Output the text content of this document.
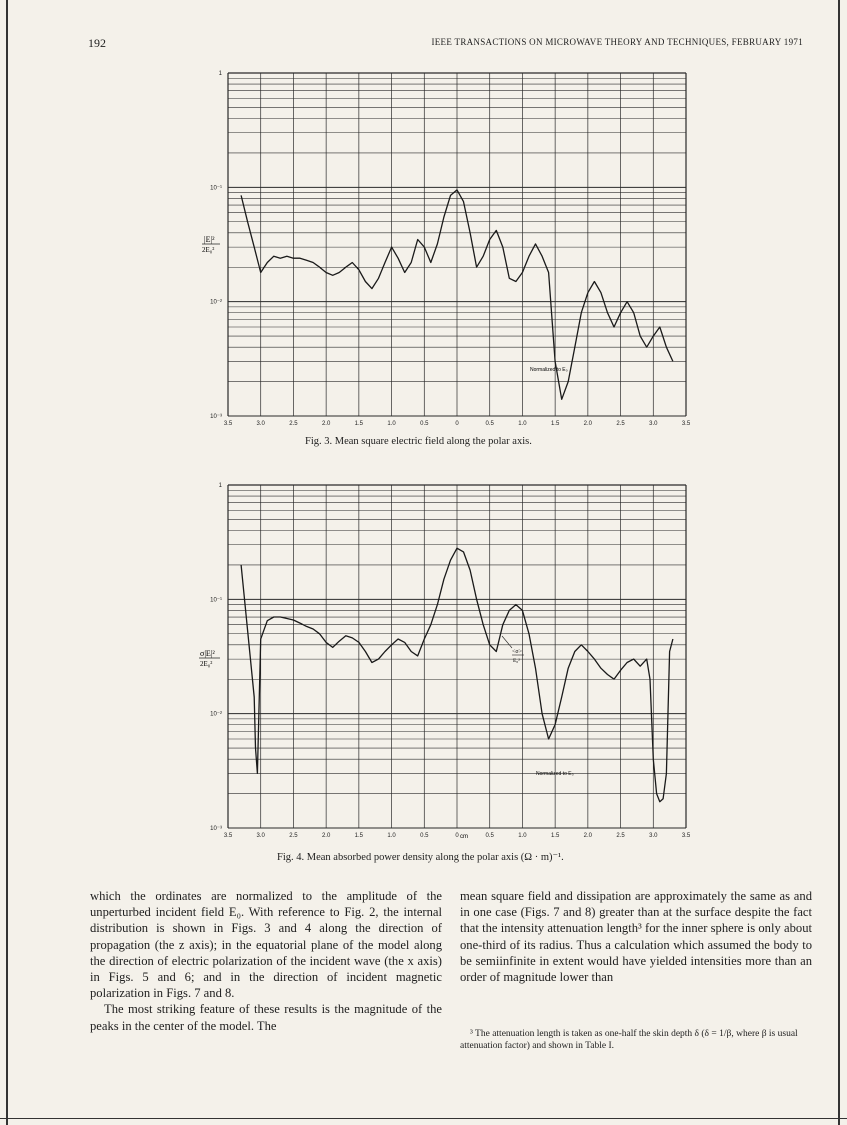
192	IEEE TRANSACTIONS ON MICROWAVE THEORY AND TECHNIQUES, FEBRUARY 1971
3.5	3.0	2.5	2.0	1.5	1.0	0.5	0	0.5	1.0	1.5	2.0	2.5	3.0	3.5
1
10⁻¹
10⁻²
10⁻³
|E|²
2E₀²
Normalized to E₀
Fig. 3. Mean square electric field along the polar axis.
3.5	3.0	2.5	2.0	1.5	1.0	0.5	0	0.5	1.0	1.5	2.0	2.5	3.0	3.5
1
10⁻¹
10⁻²
10⁻³
σ|E|²
2E₀²
Normalized to E₀
<σ>
E₀²
cm
Fig. 4. Mean absorbed power density along the polar axis (Ω · m)⁻¹.

which the ordinates are normalized to the amplitude of the unperturbed incident field E₀. With reference to Fig. 2, the internal distribution is shown in Figs. 3 and 4 along the direction of propagation (the z axis); in the equatorial plane of the model along the direction of electric polarization of the incident wave (the x axis) in Figs. 5 and 6; and in the direction of incident magnetic polarization in Figs. 7 and 8.

The most striking feature of these results is the magnitude of the peaks in the center of the model. The

mean square field and dissipation are approximately the same as and in one case (Figs. 7 and 8) greater than at the surface despite the fact that the intensity attenuation length³ for the inner sphere is only about one-third of its radius. Thus a calculation which assumed the body to be semiinfinite in extent would have yielded intensities more than an order of magnitude lower than

³ The attenuation length is taken as one-half the skin depth δ (δ = 1/β, where β is usual attenuation factor) and shown in Table I.
